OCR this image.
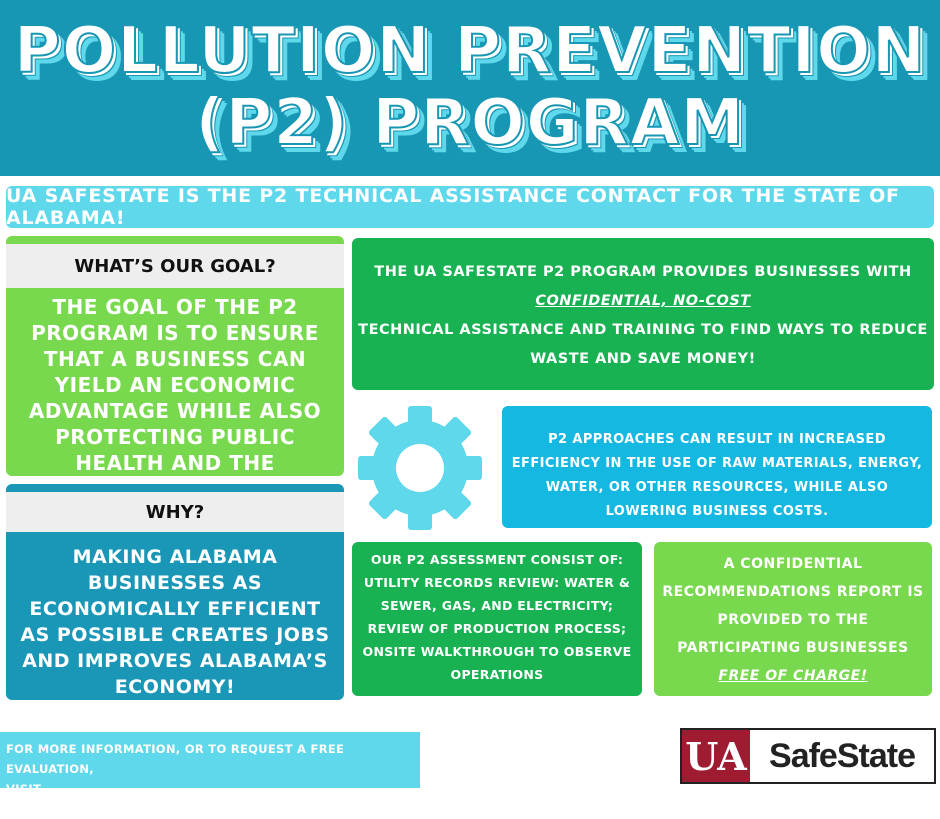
POLLUTION PREVENTION
(P2) PROGRAM
UA SAFESTATE IS THE P2 TECHNICAL ASSISTANCE CONTACT FOR THE STATE OF ALABAMA!
WHAT’S OUR GOAL?
THE GOAL OF THE P2 PROGRAM IS TO ENSURE THAT A BUSINESS CAN YIELD AN ECONOMIC ADVANTAGE WHILE ALSO PROTECTING PUBLIC HEALTH AND THE
WHY?
MAKING ALABAMA BUSINESSES AS ECONOMICALLY EFFICIENT AS POSSIBLE CREATES JOBS AND IMPROVES ALABAMA’S ECONOMY!
THE UA SAFESTATE P2 PROGRAM PROVIDES BUSINESSES WITH
CONFIDENTIAL, NO-COST
TECHNICAL ASSISTANCE AND TRAINING TO FIND WAYS TO REDUCE WASTE AND SAVE MONEY!
P2 APPROACHES CAN RESULT IN INCREASED EFFICIENCY IN THE USE OF RAW MATERIALS, ENERGY, WATER, OR OTHER RESOURCES, WHILE ALSO LOWERING BUSINESS COSTS.
OUR P2 ASSESSMENT CONSIST OF: UTILITY RECORDS REVIEW: WATER & SEWER, GAS, AND ELECTRICITY; REVIEW OF PRODUCTION PROCESS; ONSITE WALKTHROUGH TO OBSERVE OPERATIONS
A CONFIDENTIAL RECOMMENDATIONS REPORT IS PROVIDED TO THE PARTICIPATING BUSINESSES
FREE OF CHARGE!
FOR MORE INFORMATION, OR TO REQUEST A FREE EVALUATION,
VISIT WWW.ALABAMASAFESTATE.UA.EDU/POLLUTIONPREVENTION.
UA SafeState
